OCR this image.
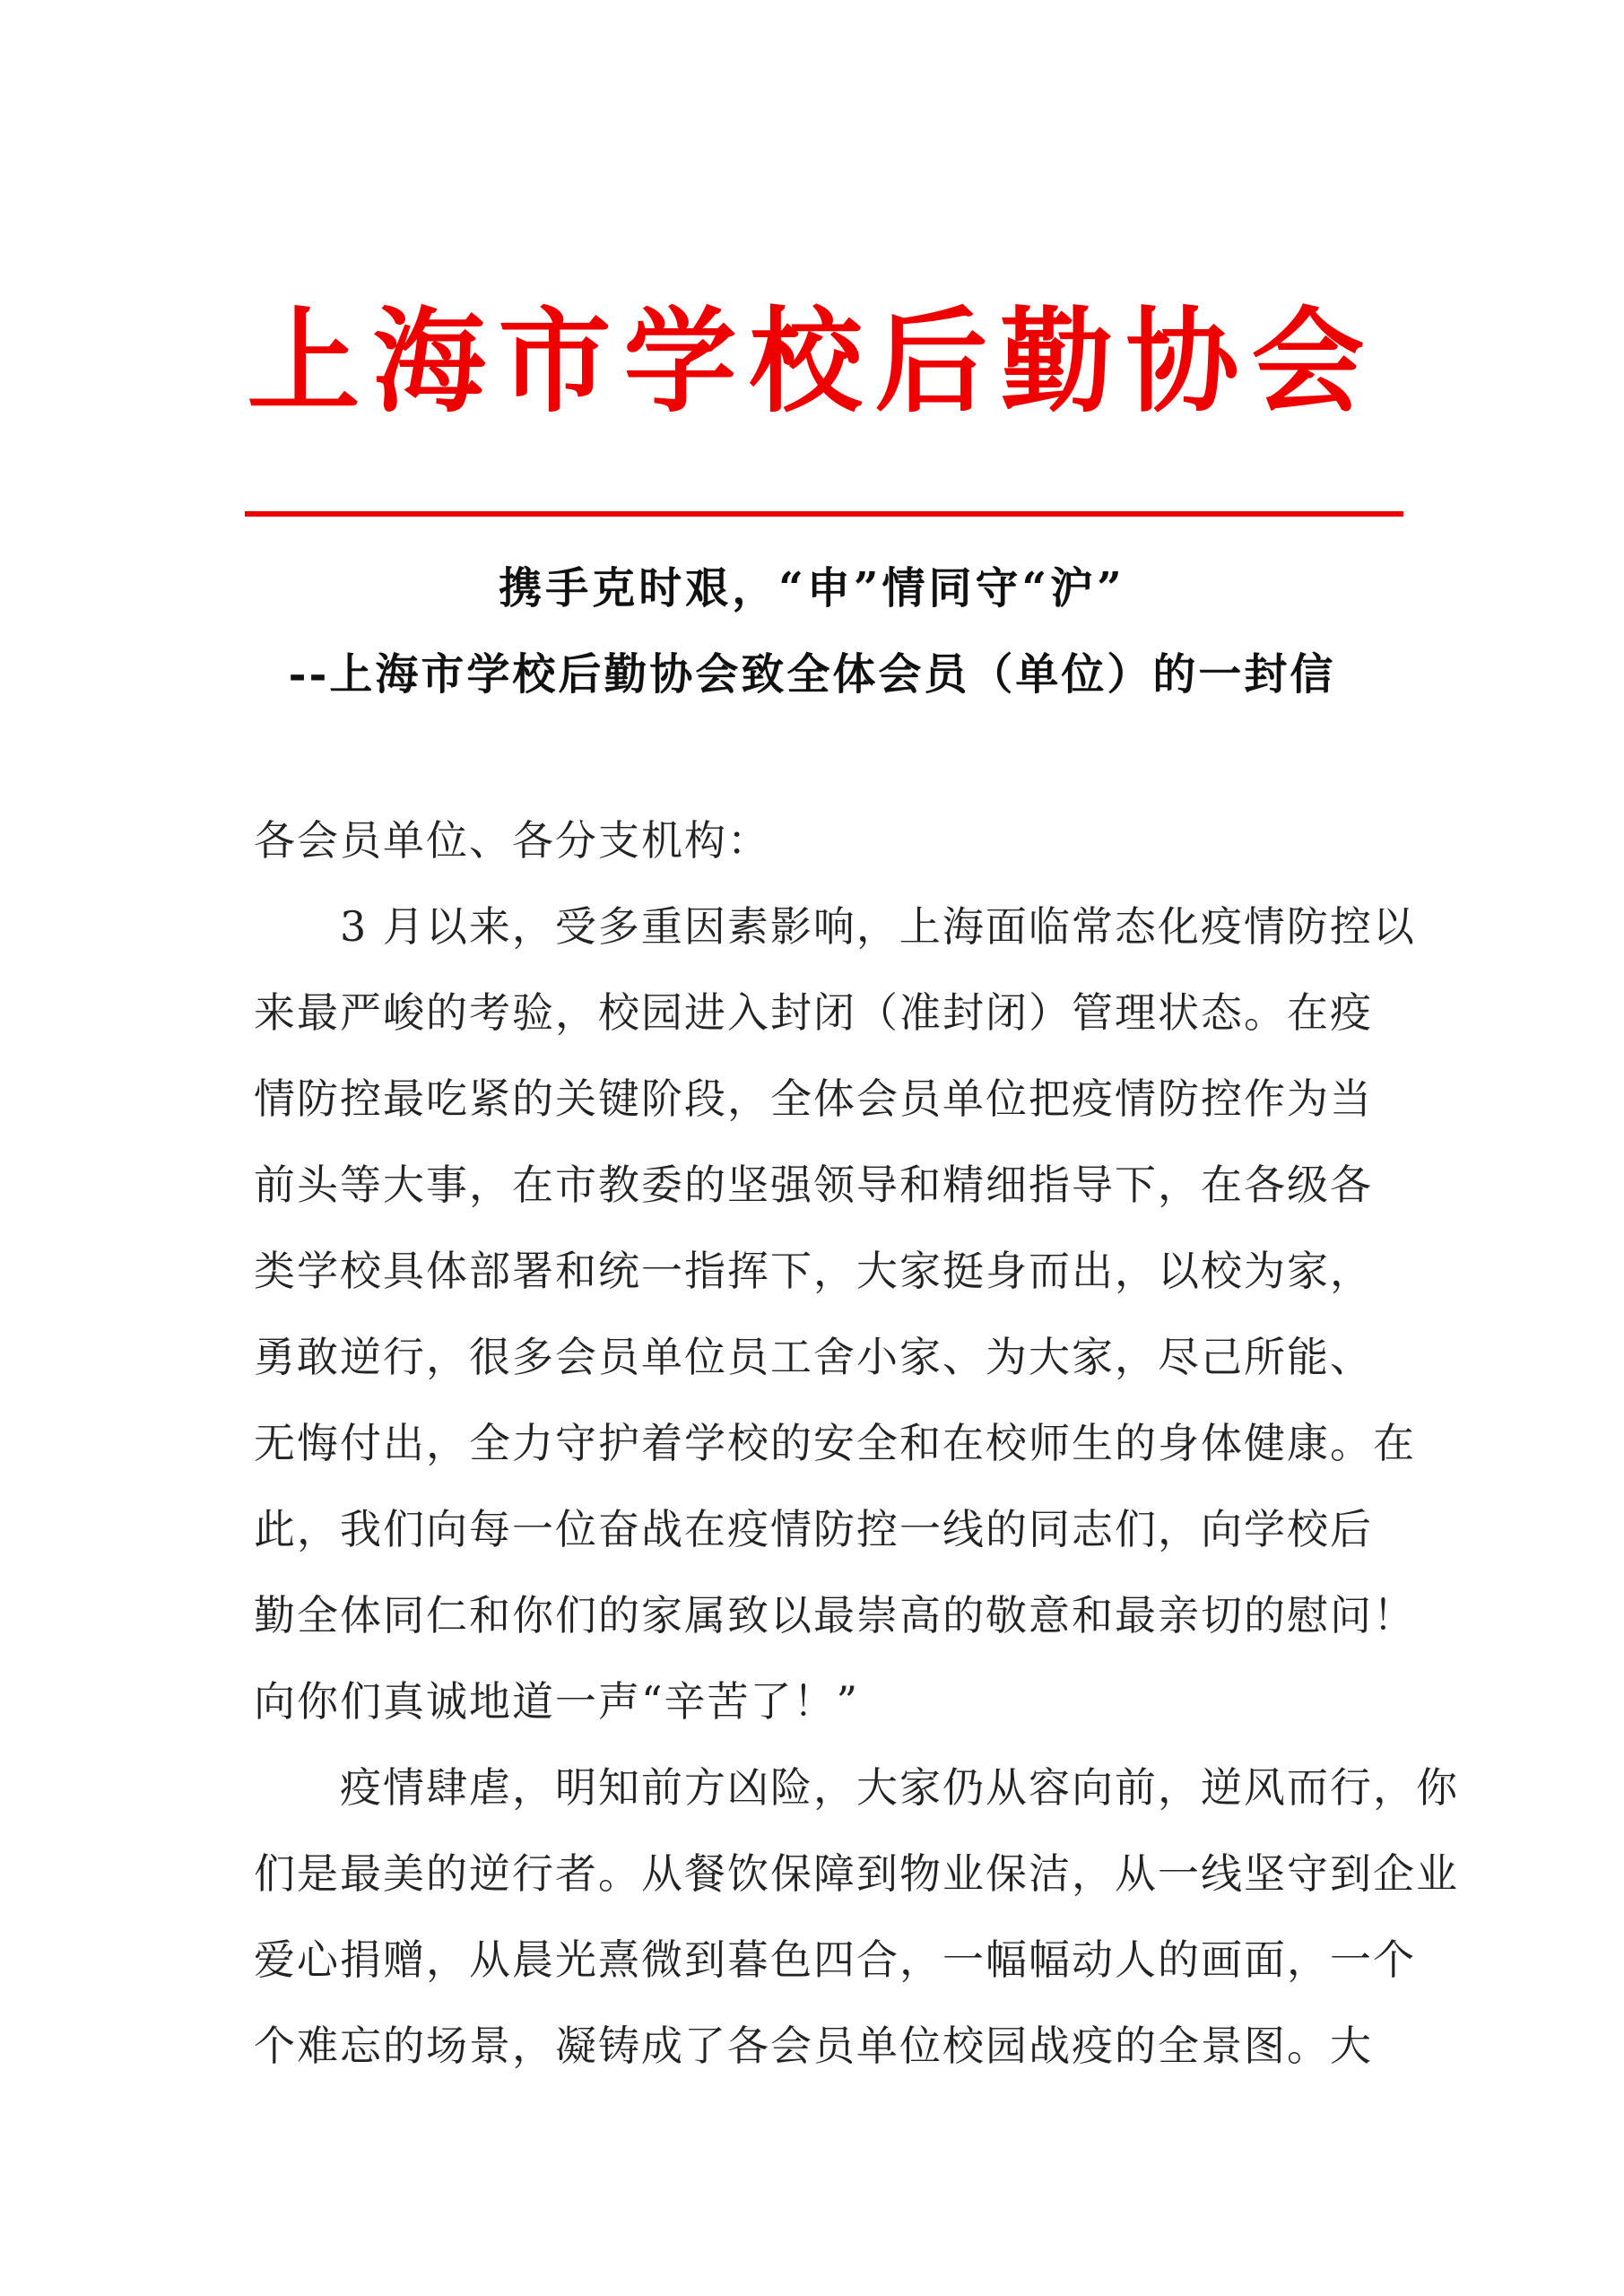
上海市学校后勤协会
携手克时艰，“申”情同守“沪”
--上海市学校后勤协会致全体会员（单位）的一封信
各会员单位、各分支机构：
3 月以来，受多重因素影响，上海面临常态化疫情防控以
来最严峻的考验，校园进入封闭（准封闭）管理状态。在疫
情防控最吃紧的关键阶段，全体会员单位把疫情防控作为当
前头等大事，在市教委的坚强领导和精细指导下，在各级各
类学校具体部署和统一指挥下，大家挺身而出，以校为家，
勇敢逆行，很多会员单位员工舍小家、为大家，尽己所能、
无悔付出，全力守护着学校的安全和在校师生的身体健康。在
此，我们向每一位奋战在疫情防控一线的同志们，向学校后
勤全体同仁和你们的家属致以最崇高的敬意和最亲切的慰问！
向你们真诚地道一声“辛苦了！”
疫情肆虐，明知前方凶险，大家仍从容向前，逆风而行，你
们是最美的逆行者。从餐饮保障到物业保洁，从一线坚守到企业
爱心捐赠，从晨光熹微到暮色四合，一幅幅动人的画面，一个
个难忘的场景，凝铸成了各会员单位校园战疫的全景图。大
